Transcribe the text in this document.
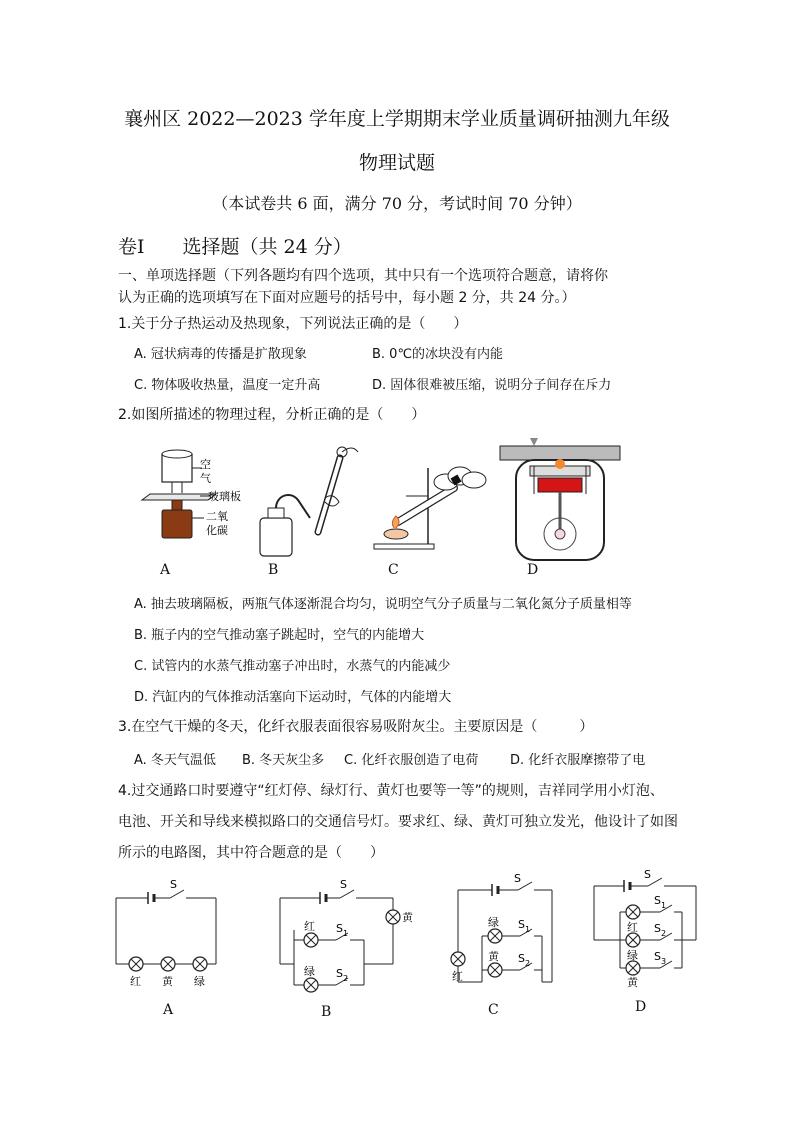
襄州区 2022—2023 学年度上学期期末学业质量调研抽测九年级
物理试题
（本试卷共 6 面，满分 70 分，考试时间 70 分钟）
卷Ⅰ　　选择题（共 24 分）
一、单项选择题（下列各题均有四个选项，其中只有一个选项符合题意，请将你
认为正确的选项填写在下面对应题号的括号中，每小题 2 分，共 24 分。）
1.关于分子热运动及热现象，下列说法正确的是（　　）
A. 冠状病毒的传播是扩散现象	B. 0℃的冰块没有内能
C. 物体吸收热量，温度一定升高	D. 固体很难被压缩，说明分子间存在斥力
2.如图所描述的物理过程，分析正确的是（　　）
空
气
玻璃板
二氧
化碳
A	B	C	D
A. 抽去玻璃隔板，两瓶气体逐渐混合均匀，说明空气分子质量与二氧化氮分子质量相等
B. 瓶子内的空气推动塞子跳起时，空气的内能增大
C. 试管内的水蒸气推动塞子冲出时，水蒸气的内能减少
D. 汽缸内的气体推动活塞向下运动时，气体的内能增大
3.在空气干燥的冬天，化纤衣服表面很容易吸附灰尘。主要原因是（　　　）
A. 冬天气温低 B. 冬天灰尘多 C. 化纤衣服创造了电荷 D. 化纤衣服摩擦带了电
4.过交通路口时要遵守“红灯停、绿灯行、黄灯也要等一等”的规则，吉祥同学用小灯泡、
电池、开关和导线来模拟路口的交通信号灯。要求红、绿、黄灯可独立发光，他设计了如图
所示的电路图，其中符合题意的是（　　）
S
红 黄 绿
S
黄
红 S 1
绿 S 2
S
红
绿 S 1
黄 S 2
S
S 1
红 S 2
绿 S 3
黄
A	B	C	D
